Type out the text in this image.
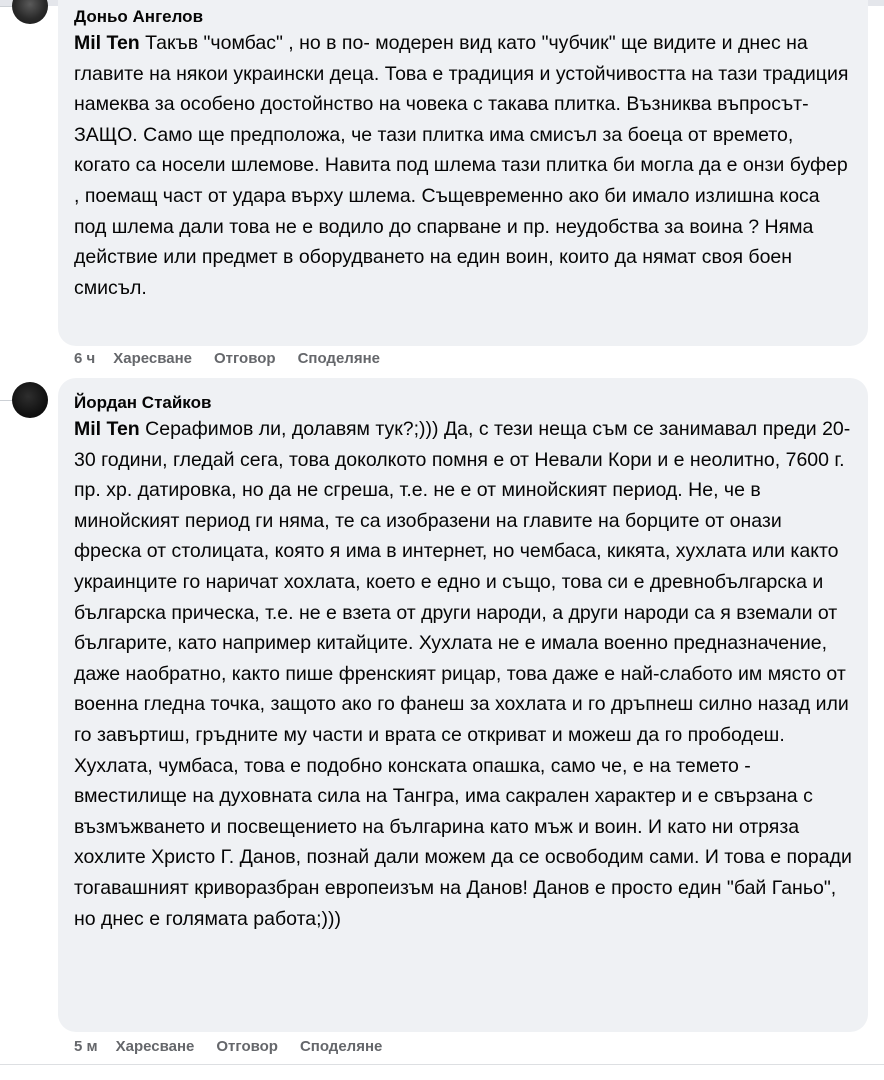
Доньо Ангелов
Mil Ten Такъв "чомбас" , но в по- модерен вид като "чубчик" ще видите и днес на главите на някои украински деца. Това е традиция и устойчивостта на тази традиция намеква за особено достойнство на човека с такава плитка. Възниква въпросът- ЗАЩО. Само ще предположа, че тази плитка има смисъл за боеца от времето, когато са носели шлемове. Навита под шлема тази плитка би могла да е онзи буфер , поемащ част от удара върху шлема. Същевременно ако би имало излишна коса под шлема дали това не е водило до спарване и пр. неудобства за воина ? Няма действие или предмет в оборудването на един воин, които да нямат своя боен смисъл.
6 ч Харесване Отговор Споделяне
Йордан Стайков
Mil Ten Серафимов ли, долавям тук?;))) Да, с тези неща съм се занимавал преди 20-30 години, гледай сега, това доколкото помня е от Невали Кори и е неолитно, 7600 г. пр. хр. датировка, но да не сгреша, т.е. не е от минойският период. Не, че в минойският период ги няма, те са изобразени на главите на борците от онази фреска от столицата, която я има в интернет, но чембаса, кикята, хухлата или както украинците го наричат хохлата, което е едно и също, това си е древнобългарска и българска прическа, т.е. не е взета от други народи, а други народи са я вземали от българите, като например китайците. Хухлата не е имала военно предназначение, даже наобратно, както пише френският рицар, това даже е най-слабото им място от военна гледна точка, защото ако го фанеш за хохлата и го дръпнеш силно назад или го завъртиш, гръдните му части и врата се откриват и можеш да го прободеш. Хухлата, чумбаса, това е подобно конската опашка, само че, е на темето - вместилище на духовната сила на Тангра, има сакрален характер и е свързана с възмъжването и посвещението на българина като мъж и воин. И като ни отряза хохлите Христо Г. Данов, познай дали можем да се освободим сами. И това е поради тогавашният криворазбран европеизъм на Данов! Данов е просто един "бай Ганьо", но днес е голямата работа;)))
5 м Харесване Отговор Споделяне
